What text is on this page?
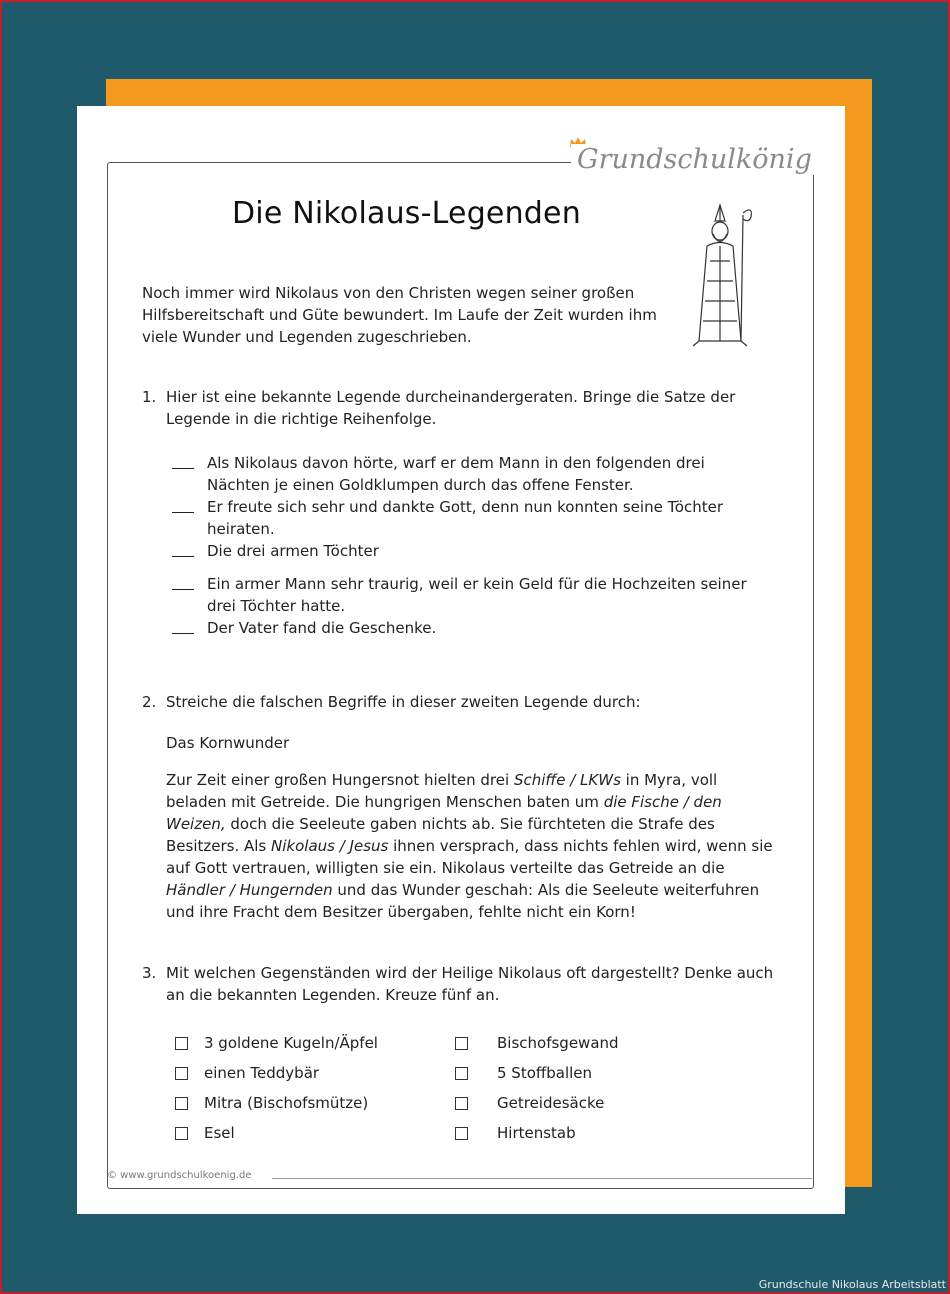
Grundschulkönig
Die Nikolaus-Legenden
Noch immer wird Nikolaus von den Christen wegen seiner großen Hilfsbereitschaft und Güte bewundert. Im Laufe der Zeit wurden ihm viele Wunder und Legenden zugeschrieben.
1. Hier ist eine bekannte Legende durcheinandergeraten. Bringe die Satze der Legende in die richtige Reihenfolge.
Als Nikolaus davon hörte, warf er dem Mann in den folgenden drei Nächten je einen Goldklumpen durch das offene Fenster.
Er freute sich sehr und dankte Gott, denn nun konnten seine Töchter heiraten.
Die drei armen Töchter
Ein armer Mann sehr traurig, weil er kein Geld für die Hochzeiten seiner drei Töchter hatte.
Der Vater fand die Geschenke.
2. Streiche die falschen Begriffe in dieser zweiten Legende durch:
Das Kornwunder
Zur Zeit einer großen Hungersnot hielten drei Schiffe / LKWs in Myra, voll beladen mit Getreide. Die hungrigen Menschen baten um die Fische / den Weizen, doch die Seeleute gaben nichts ab. Sie fürchteten die Strafe des Besitzers. Als Nikolaus / Jesus ihnen versprach, dass nichts fehlen wird, wenn sie auf Gott vertrauen, willigten sie ein. Nikolaus verteilte das Getreide an die Händler / Hungernden und das Wunder geschah: Als die Seeleute weiterfuhren und ihre Fracht dem Besitzer übergaben, fehlte nicht ein Korn!
3. Mit welchen Gegenständen wird der Heilige Nikolaus oft dargestellt? Denke auch an die bekannten Legenden. Kreuze fünf an.
3 goldene Kugeln/Äpfel	Bischofsgewand
einen Teddybär	5 Stoffballen
Mitra (Bischofsmütze)	Getreidesäcke
Esel	Hirtenstab
© www.grundschulkoenig.de
Grundschule Nikolaus Arbeitsblatt
